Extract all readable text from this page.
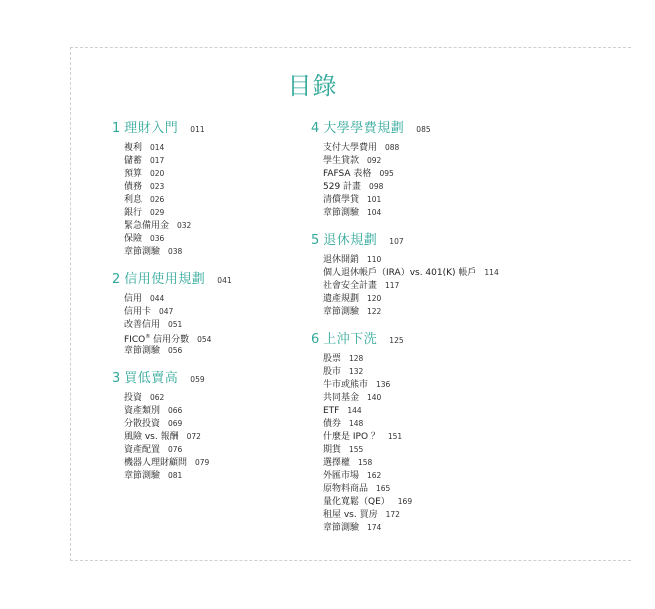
目錄
1 理財入門 011
複利 014
儲蓄 017
預算 020
債務 023
利息 026
銀行 029
緊急備用金 032
保險 036
章節測驗 038
2 信用使用規劃 041
信用 044
信用卡 047
改善信用 051
FICO® 信用分數 054
章節測驗 056
3 買低賣高 059
投資 062
資產類別 066
分散投資 069
風險 vs. 報酬 072
資產配置 076
機器人理財顧問 079
章節測驗 081
4 大學學費規劃 085
支付大學費用 088
學生貸款 092
FAFSA 表格 095
529 計畫 098
清償學貸 101
章節測驗 104
5 退休規劃 107
退休開銷 110
個人退休帳戶（IRA）vs. 401(K) 帳戶 114
社會安全計畫 117
遺產規劃 120
章節測驗 122
6 上沖下洗 125
股票 128
股市 132
牛市或熊市 136
共同基金 140
ETF 144
債券 148
什麼是 IPO ？ 151
期貨 155
選擇權 158
外匯市場 162
原物料商品 165
量化寬鬆（QE） 169
租屋 vs. 買房 172
章節測驗 174
